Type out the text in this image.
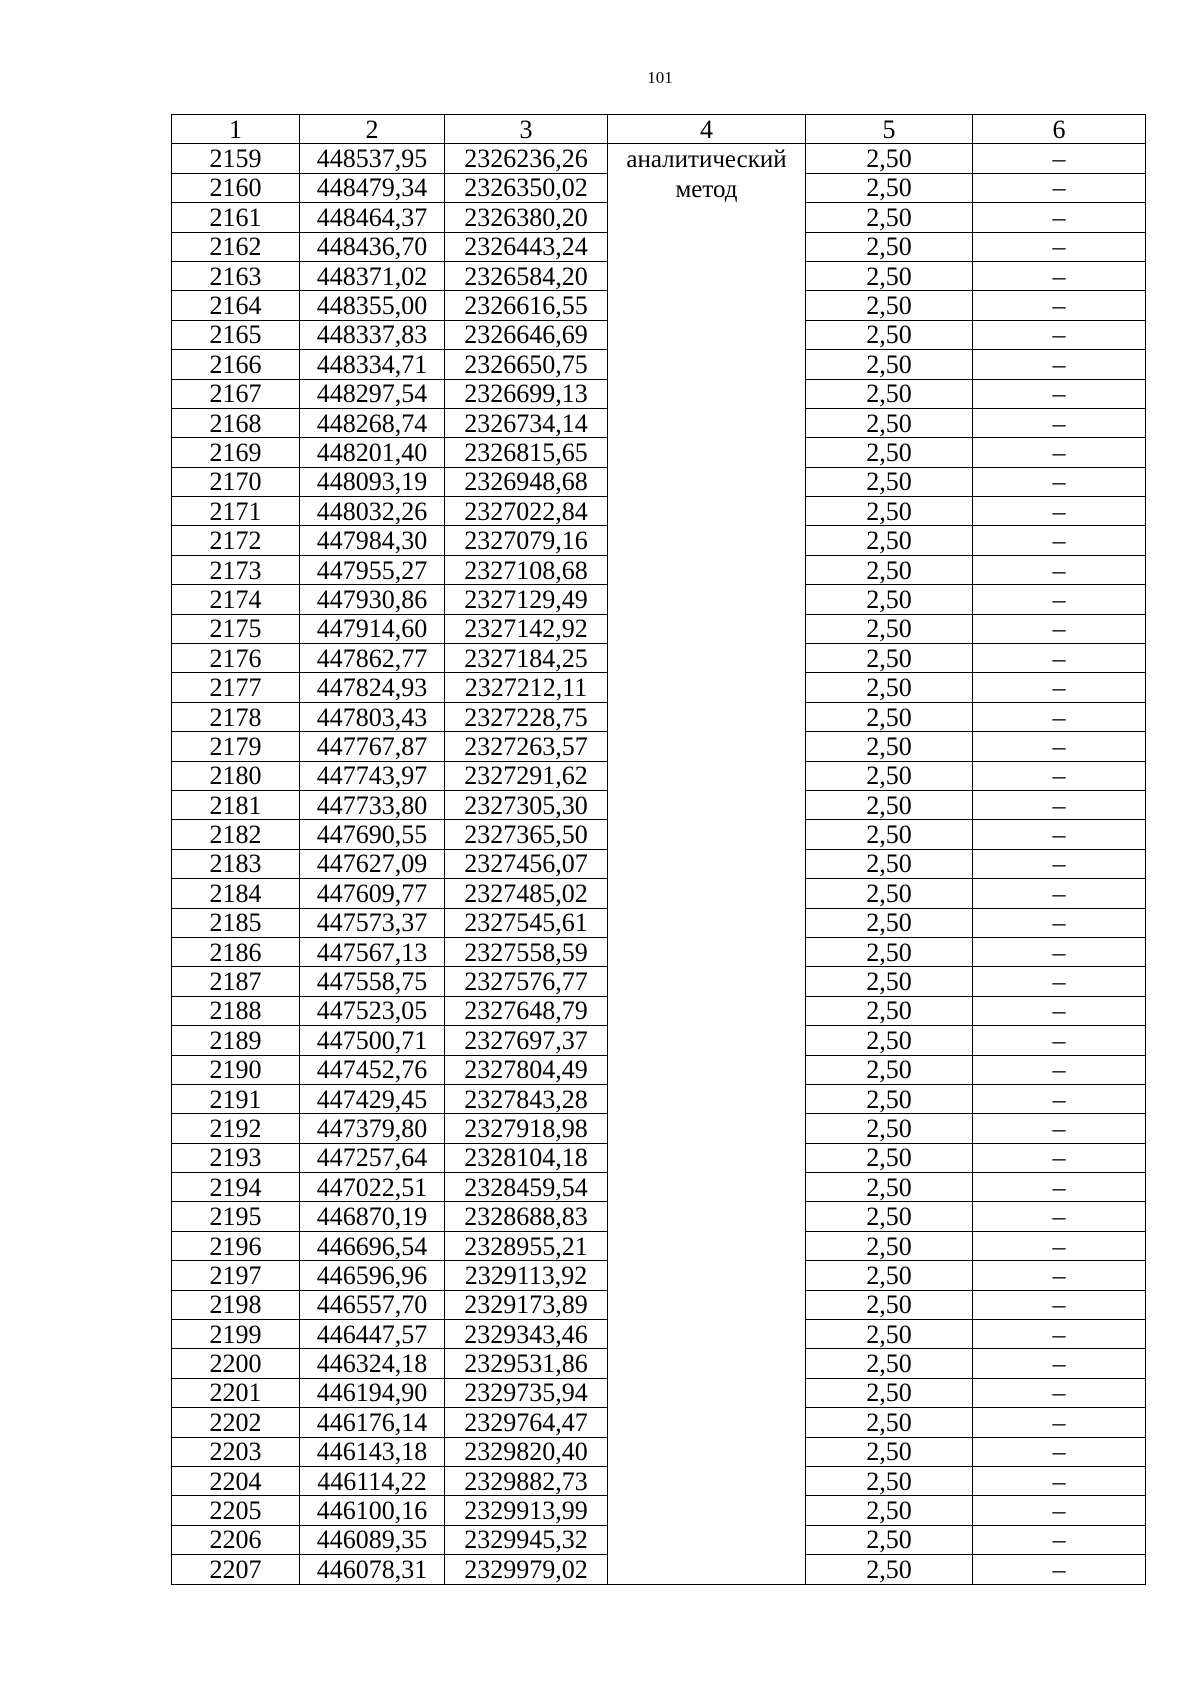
101
1	2	3	4	5	6
2159	448537,95	2326236,26	аналитический метод	2,50	–
2160	448479,34	2326350,02		2,50	–
2161	448464,37	2326380,20		2,50	–
2162	448436,70	2326443,24		2,50	–
2163	448371,02	2326584,20		2,50	–
2164	448355,00	2326616,55		2,50	–
2165	448337,83	2326646,69		2,50	–
2166	448334,71	2326650,75		2,50	–
2167	448297,54	2326699,13		2,50	–
2168	448268,74	2326734,14		2,50	–
2169	448201,40	2326815,65		2,50	–
2170	448093,19	2326948,68		2,50	–
2171	448032,26	2327022,84		2,50	–
2172	447984,30	2327079,16		2,50	–
2173	447955,27	2327108,68		2,50	–
2174	447930,86	2327129,49		2,50	–
2175	447914,60	2327142,92		2,50	–
2176	447862,77	2327184,25		2,50	–
2177	447824,93	2327212,11		2,50	–
2178	447803,43	2327228,75		2,50	–
2179	447767,87	2327263,57		2,50	–
2180	447743,97	2327291,62		2,50	–
2181	447733,80	2327305,30		2,50	–
2182	447690,55	2327365,50		2,50	–
2183	447627,09	2327456,07		2,50	–
2184	447609,77	2327485,02		2,50	–
2185	447573,37	2327545,61		2,50	–
2186	447567,13	2327558,59		2,50	–
2187	447558,75	2327576,77		2,50	–
2188	447523,05	2327648,79		2,50	–
2189	447500,71	2327697,37		2,50	–
2190	447452,76	2327804,49		2,50	–
2191	447429,45	2327843,28		2,50	–
2192	447379,80	2327918,98		2,50	–
2193	447257,64	2328104,18		2,50	–
2194	447022,51	2328459,54		2,50	–
2195	446870,19	2328688,83		2,50	–
2196	446696,54	2328955,21		2,50	–
2197	446596,96	2329113,92		2,50	–
2198	446557,70	2329173,89		2,50	–
2199	446447,57	2329343,46		2,50	–
2200	446324,18	2329531,86		2,50	–
2201	446194,90	2329735,94		2,50	–
2202	446176,14	2329764,47		2,50	–
2203	446143,18	2329820,40		2,50	–
2204	446114,22	2329882,73		2,50	–
2205	446100,16	2329913,99		2,50	–
2206	446089,35	2329945,32		2,50	–
2207	446078,31	2329979,02		2,50	–
